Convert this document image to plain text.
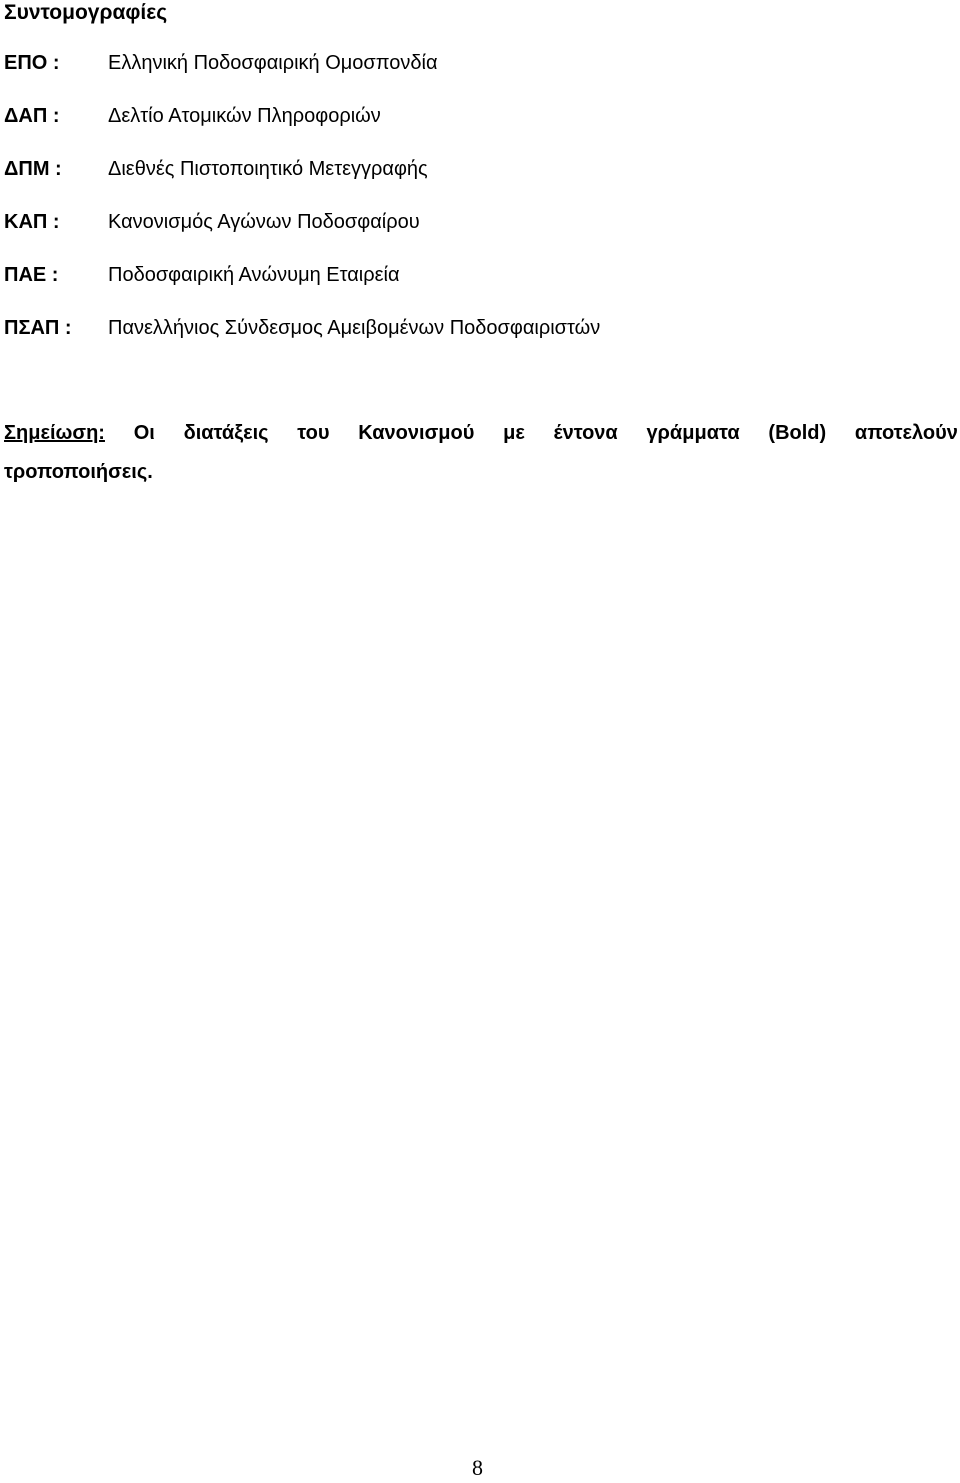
Συντομογραφίες
ΕΠΟ : Ελληνική Ποδοσφαιρική Ομοσπονδία
ΔΑΠ : Δελτίο Ατομικών Πληροφοριών
ΔΠΜ : Διεθνές Πιστοποιητικό Μετεγγραφής
ΚΑΠ : Κανονισμός Αγώνων Ποδοσφαίρου
ΠΑΕ : Ποδοσφαιρική Ανώνυμη Εταιρεία
ΠΣΑΠ : Πανελλήνιος Σύνδεσμος Αμειβομένων Ποδοσφαιριστών
Σημείωση: Οι διατάξεις του Κανονισμού με έντονα γράμματα (Bold) αποτελούν
τροποποιήσεις.
8
